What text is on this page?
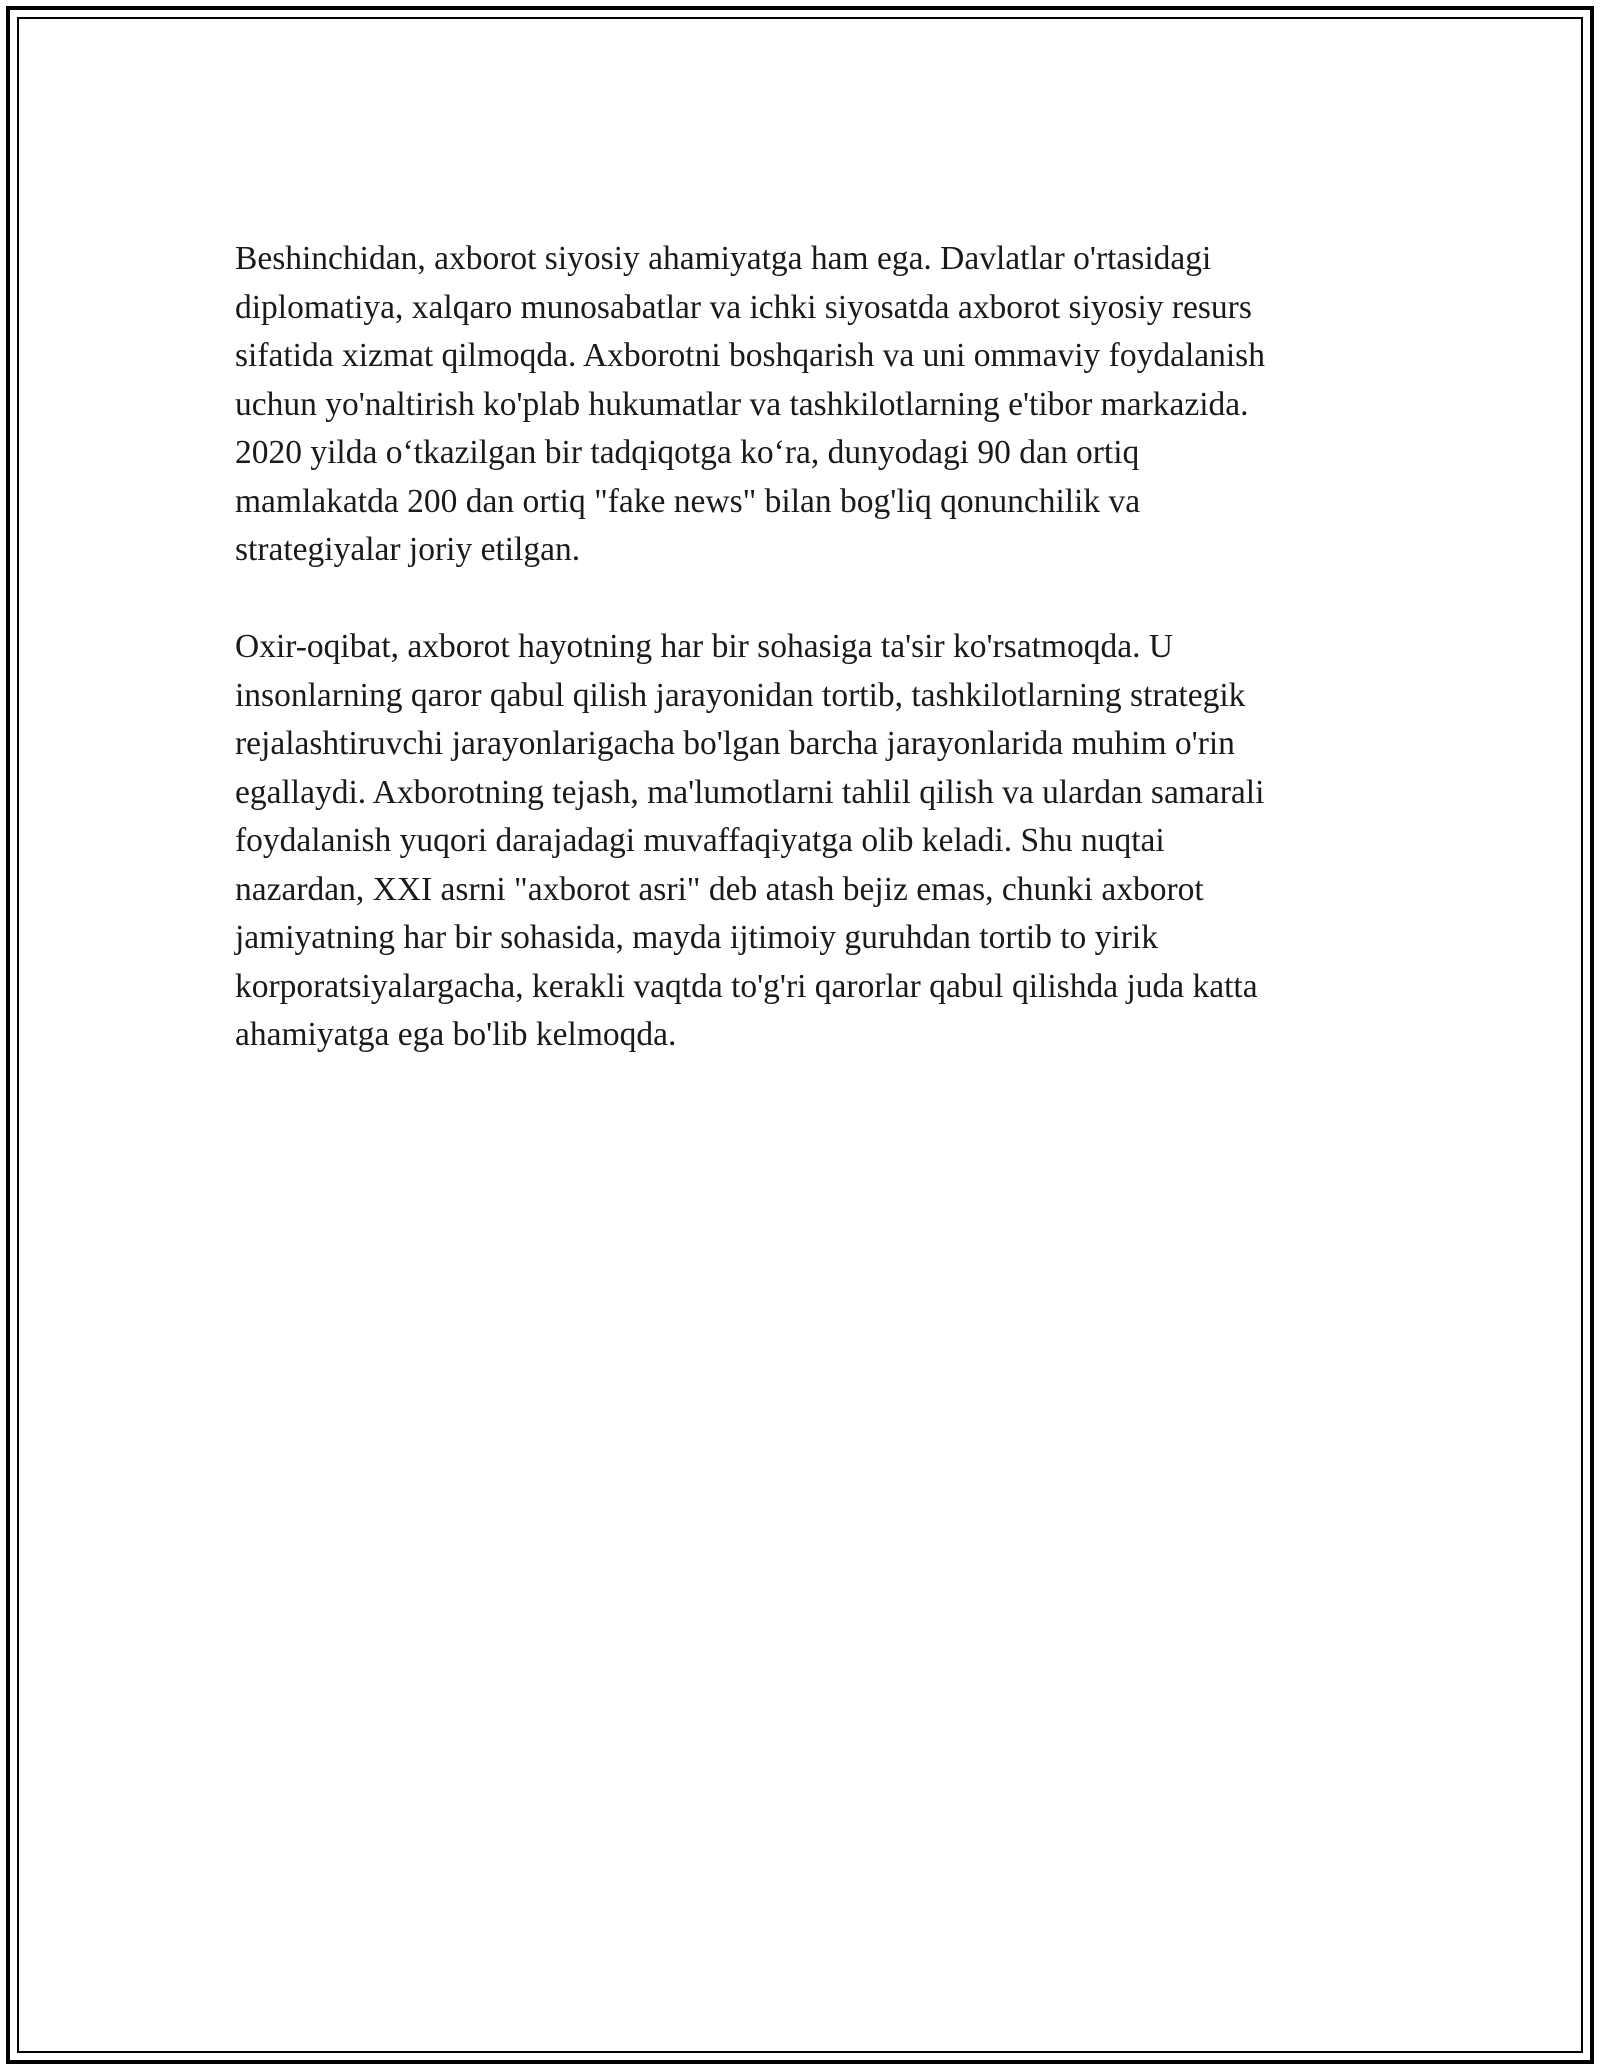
Beshinchidan, axborot siyosiy ahamiyatga ham ega. Davlatlar o'rtasidagi
diplomatiya, xalqaro munosabatlar va ichki siyosatda axborot siyosiy resurs
sifatida xizmat qilmoqda. Axborotni boshqarish va uni ommaviy foydalanish
uchun yo'naltirish ko'plab hukumatlar va tashkilotlarning e'tibor markazida.
2020 yilda oʻtkazilgan bir tadqiqotga koʻra, dunyodagi 90 dan ortiq
mamlakatda 200 dan ortiq "fake news" bilan bog'liq qonunchilik va
strategiyalar joriy etilgan.

Oxir-oqibat, axborot hayotning har bir sohasiga ta'sir ko'rsatmoqda. U
insonlarning qaror qabul qilish jarayonidan tortib, tashkilotlarning strategik
rejalashtiruvchi jarayonlarigacha bo'lgan barcha jarayonlarida muhim o'rin
egallaydi. Axborotning tejash, ma'lumotlarni tahlil qilish va ulardan samarali
foydalanish yuqori darajadagi muvaffaqiyatga olib keladi. Shu nuqtai
nazardan, XXI asrni "axborot asri" deb atash bejiz emas, chunki axborot
jamiyatning har bir sohasida, mayda ijtimoiy guruhdan tortib to yirik
korporatsiyalargacha, kerakli vaqtda to'g'ri qarorlar qabul qilishda juda katta
ahamiyatga ega bo'lib kelmoqda.
